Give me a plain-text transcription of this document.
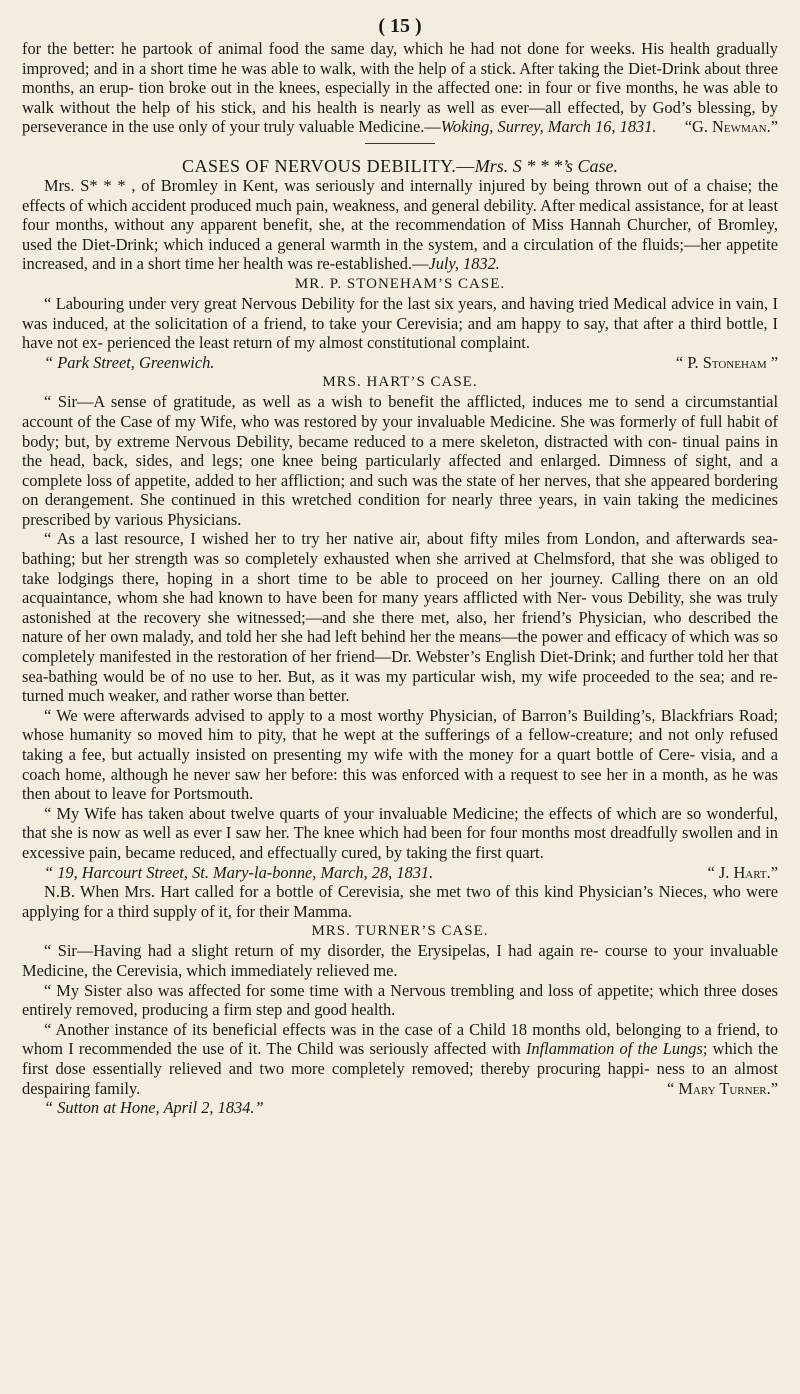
( 15 )

for the better: he partook of animal food the same day, which he had not done for weeks. His health gradually improved; and in a short time he was able to walk, with the help of a stick. After taking the Diet-Drink about three months, an erup- tion broke out in the knees, especially in the affected one: in four or five months, he was able to walk without the help of his stick, and his health is nearly as well as ever—all effected, by God’s blessing, by perseverance in the use only of your truly valuable Medicine.—Woking, Surrey, March 16, 1831. “G. Newman.”

CASES OF NERVOUS DEBILITY.—Mrs. S * * *’s Case.

Mrs. S* * * , of Bromley in Kent, was seriously and internally injured by being thrown out of a chaise; the effects of which accident produced much pain, weakness, and general debility. After medical assistance, for at least four months, without any apparent benefit, she, at the recommendation of Miss Hannah Churcher, of Bromley, used the Diet-Drink; which induced a general warmth in the system, and a circulation of the fluids;—her appetite increased, and in a short time her health was re-established.—July, 1832.

MR. P. STONEHAM’S CASE.

“ Labouring under very great Nervous Debility for the last six years, and having tried Medical advice in vain, I was induced, at the solicitation of a friend, to take your Cerevisia; and am happy to say, that after a third bottle, I have not ex- perienced the least return of my almost constitutional complaint.

“ Park Street, Greenwich.	“ P. Stoneham ”

MRS. HART’S CASE.

“ Sir—A sense of gratitude, as well as a wish to benefit the afflicted, induces me to send a circumstantial account of the Case of my Wife, who was restored by your invaluable Medicine. She was formerly of full habit of body; but, by extreme Nervous Debility, became reduced to a mere skeleton, distracted with con- tinual pains in the head, back, sides, and legs; one knee being particularly affected and enlarged. Dimness of sight, and a complete loss of appetite, added to her affliction; and such was the state of her nerves, that she appeared bordering on derangement. She continued in this wretched condition for nearly three years, in vain taking the medicines prescribed by various Physicians.

“ As a last resource, I wished her to try her native air, about fifty miles from London, and afterwards sea-bathing; but her strength was so completely exhausted when she arrived at Chelmsford, that she was obliged to take lodgings there, hoping in a short time to be able to proceed on her journey. Calling there on an old acquaintance, whom she had known to have been for many years afflicted with Ner- vous Debility, she was truly astonished at the recovery she witnessed;—and she there met, also, her friend’s Physician, who described the nature of her own malady, and told her she had left behind her the means—the power and efficacy of which was so completely manifested in the restoration of her friend—Dr. Webster’s English Diet-Drink; and further told her that sea-bathing would be of no use to her. But, as it was my particular wish, my wife proceeded to the sea; and re- turned much weaker, and rather worse than better.

“ We were afterwards advised to apply to a most worthy Physician, of Barron’s Building’s, Blackfriars Road; whose humanity so moved him to pity, that he wept at the sufferings of a fellow-creature; and not only refused taking a fee, but actually insisted on presenting my wife with the money for a quart bottle of Cere- visia, and a coach home, although he never saw her before: this was enforced with a request to see her in a month, as he was then about to leave for Portsmouth.

“ My Wife has taken about twelve quarts of your invaluable Medicine; the effects of which are so wonderful, that she is now as well as ever I saw her. The knee which had been for four months most dreadfully swollen and in excessive pain, became reduced, and effectually cured, by taking the first quart.

“ 19, Harcourt Street, St. Mary-la-bonne, March, 28, 1831.	“ J. Hart.”

N.B. When Mrs. Hart called for a bottle of Cerevisia, she met two of this kind Physician’s Nieces, who were applying for a third supply of it, for their Mamma.

MRS. TURNER’S CASE.

“ Sir—Having had a slight return of my disorder, the Erysipelas, I had again re- course to your invaluable Medicine, the Cerevisia, which immediately relieved me.

“ My Sister also was affected for some time with a Nervous trembling and loss of appetite; which three doses entirely removed, producing a firm step and good health.

“ Another instance of its beneficial effects was in the case of a Child 18 months old, belonging to a friend, to whom I recommended the use of it. The Child was seriously affected with Inflammation of the Lungs; which the first dose essentially relieved and two more completely removed; thereby procuring happi- ness to an almost despairing family.	“ Mary Turner.”

“ Sutton at Hone, April 2, 1834.”
